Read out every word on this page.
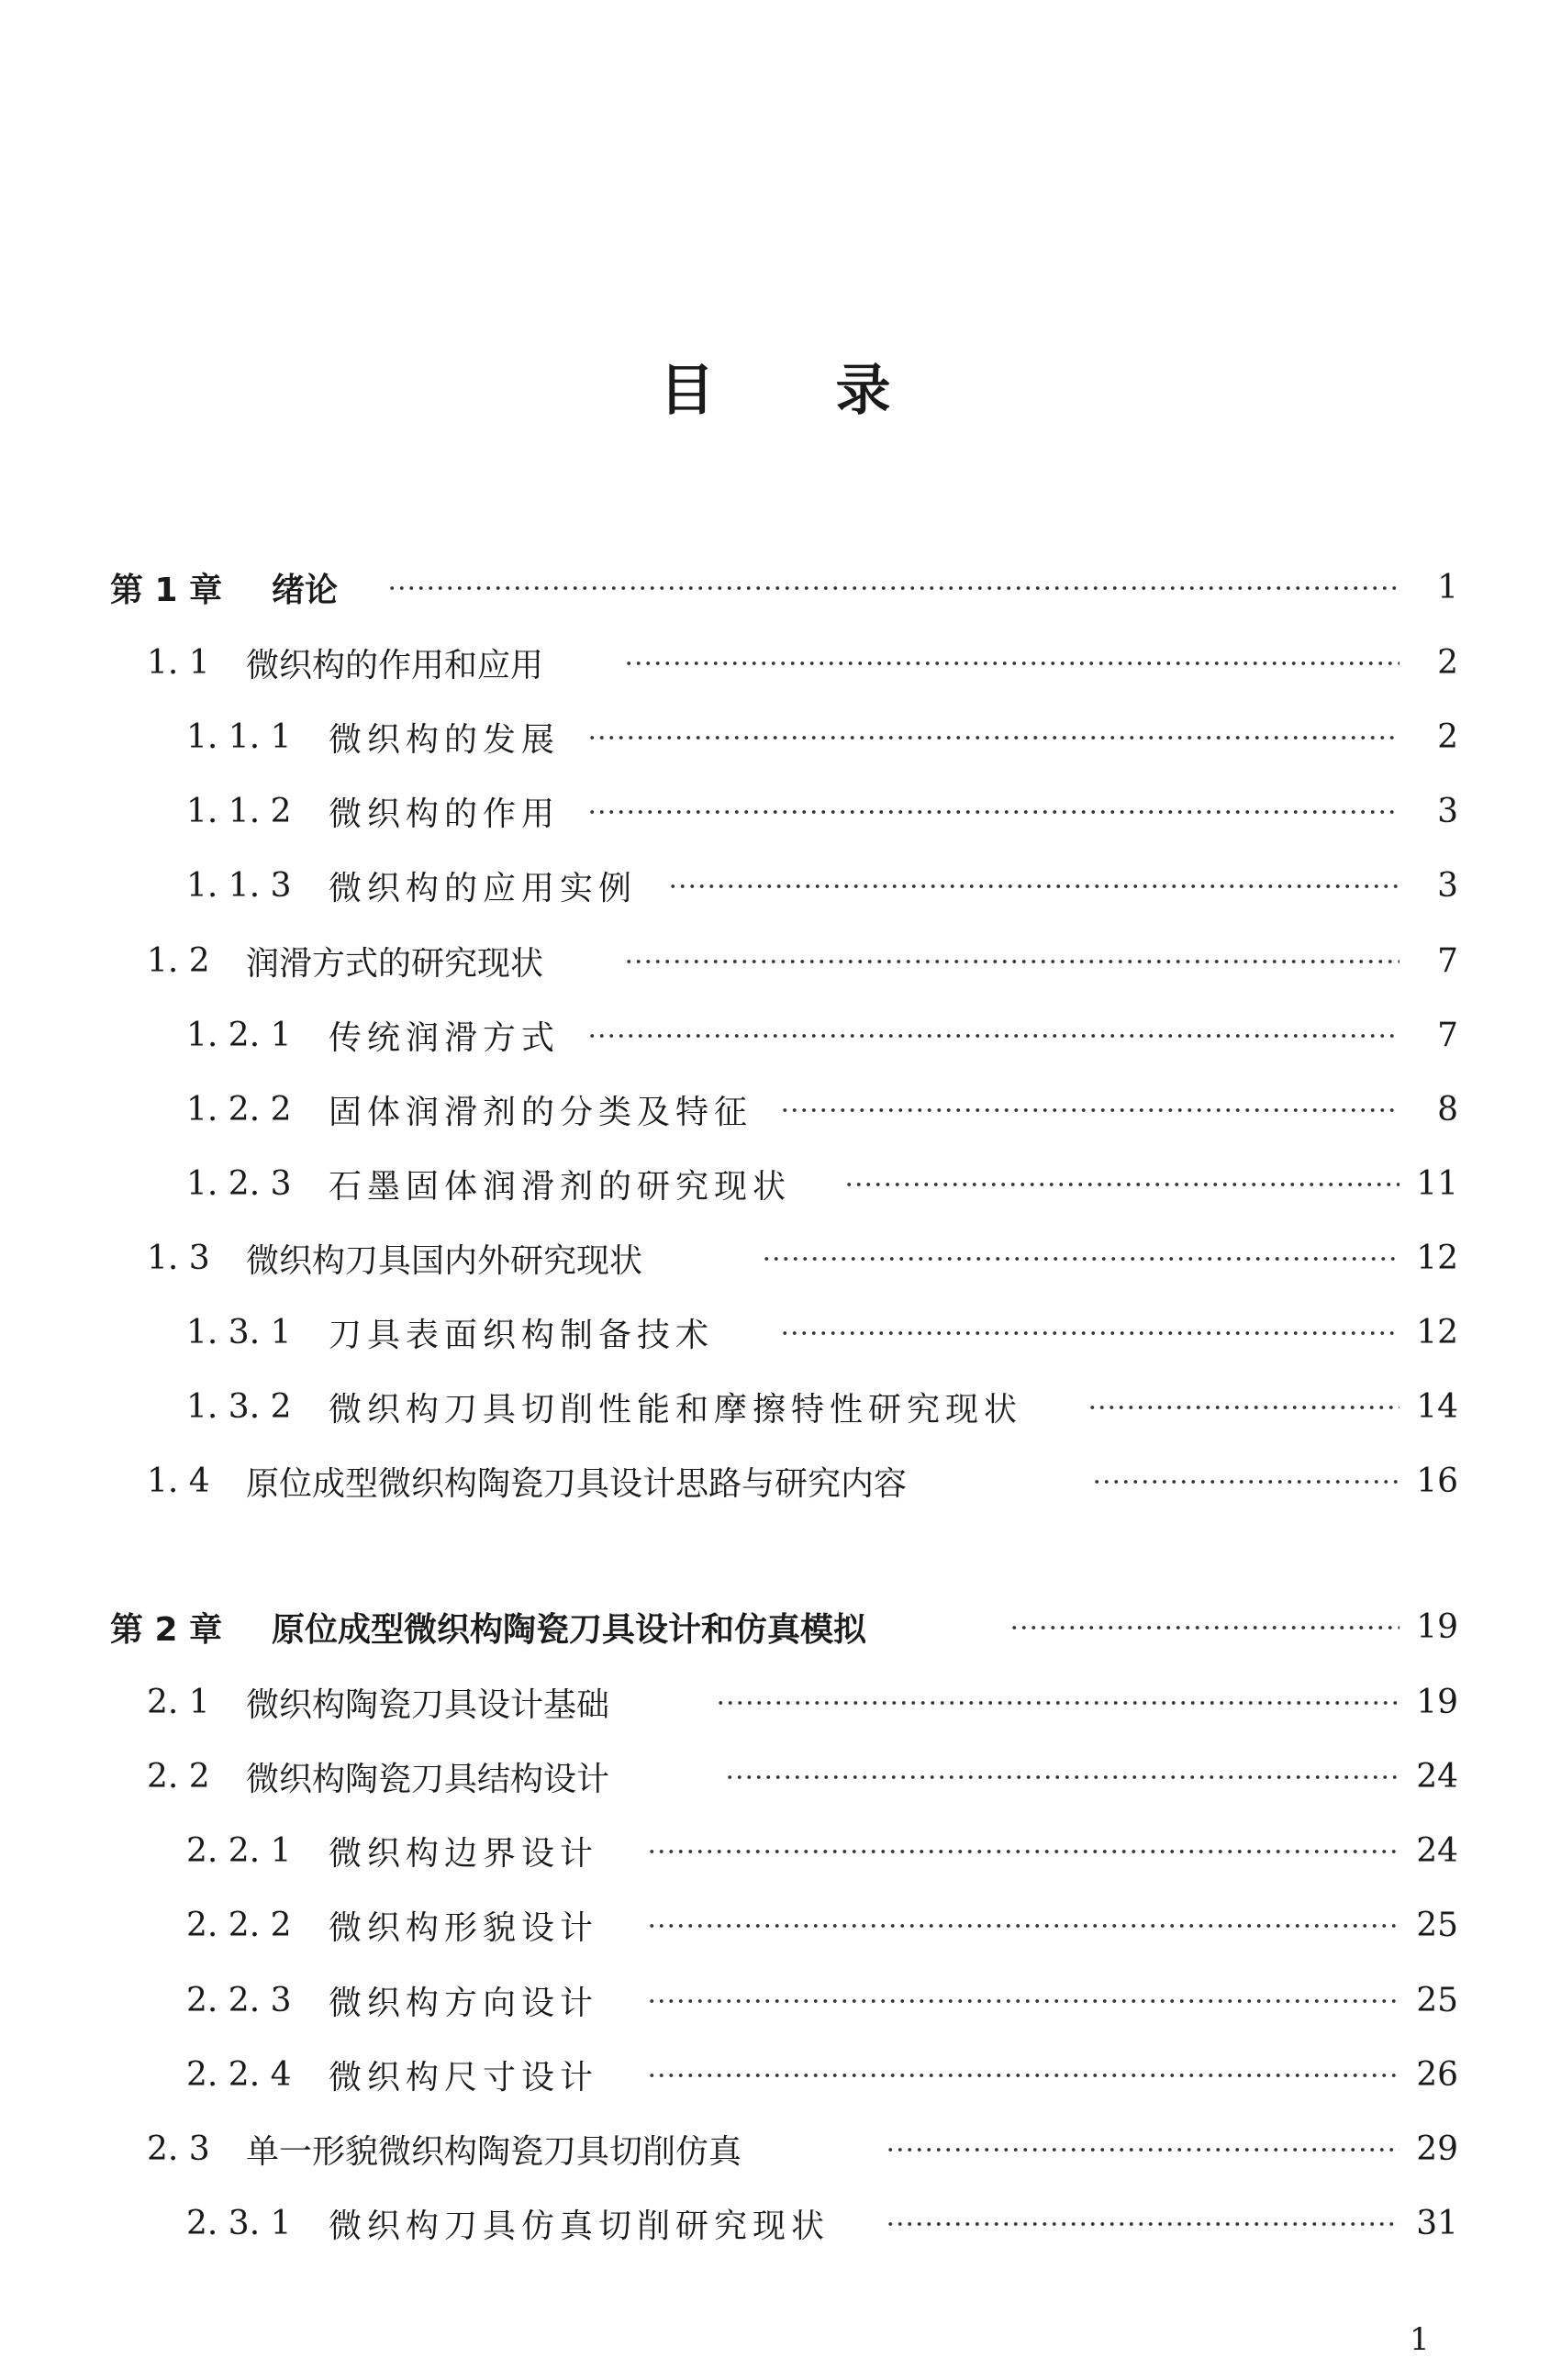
目 录
第 1 章 绪论	1
1. 1 微织构的作用和应用	2
1. 1. 1 微织构的发展	2
1. 1. 2 微织构的作用	3
1. 1. 3 微织构的应用实例	3
1. 2 润滑方式的研究现状	7
1. 2. 1 传统润滑方式	7
1. 2. 2 固体润滑剂的分类及特征	8
1. 2. 3 石墨固体润滑剂的研究现状	11
1. 3 微织构刀具国内外研究现状	12
1. 3. 1 刀具表面织构制备技术	12
1. 3. 2 微织构刀具切削性能和摩擦特性研究现状	14
1. 4 原位成型微织构陶瓷刀具设计思路与研究内容	16
第 2 章 原位成型微织构陶瓷刀具设计和仿真模拟	19
2. 1 微织构陶瓷刀具设计基础	19
2. 2 微织构陶瓷刀具结构设计	24
2. 2. 1 微织构边界设计	24
2. 2. 2 微织构形貌设计	25
2. 2. 3 微织构方向设计	25
2. 2. 4 微织构尺寸设计	26
2. 3 单一形貌微织构陶瓷刀具切削仿真	29
2. 3. 1 微织构刀具仿真切削研究现状	31
1
